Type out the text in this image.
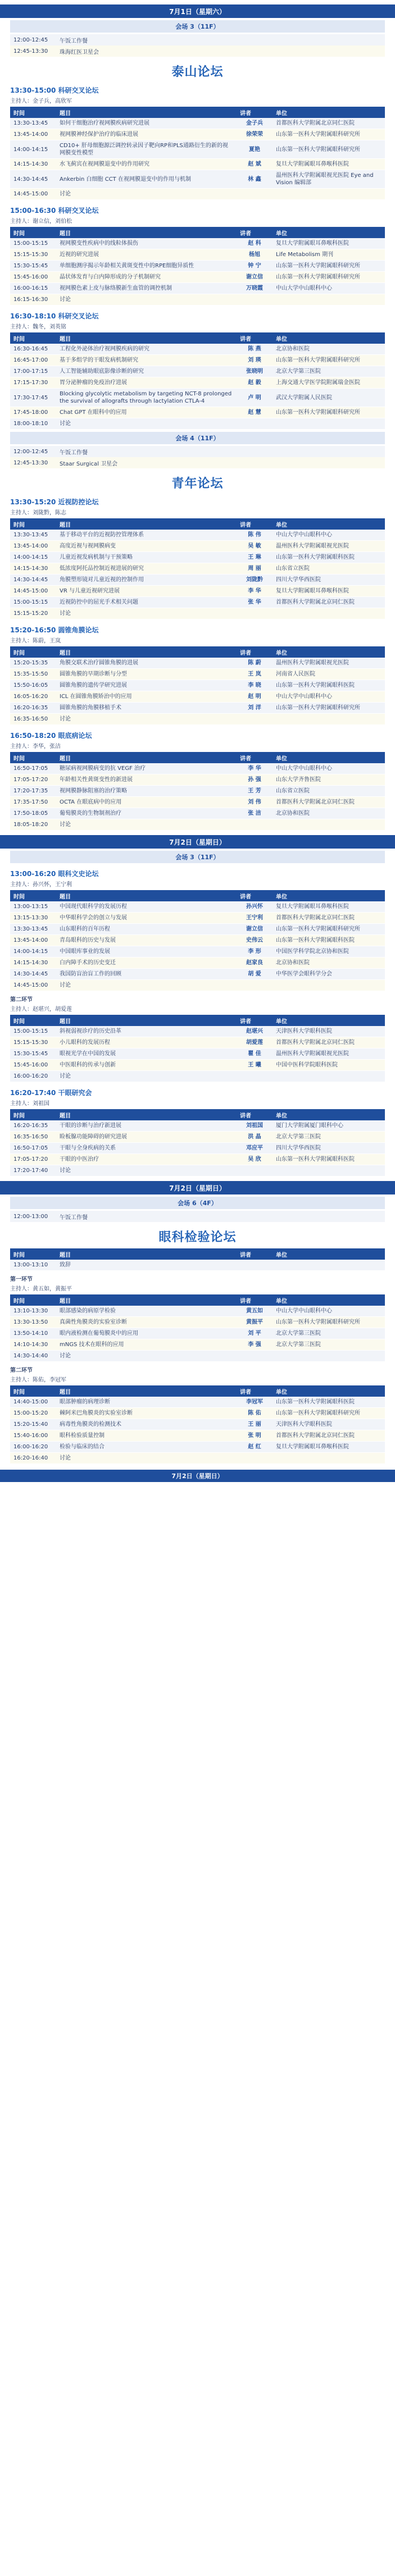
7月1日（星期六）
会场 3（11F）
12:00-12:45	午饭工作餐
12:45-13:30	珠海红医卫星会
泰山论坛
13:30-15:00 科研交叉论坛
主持人：金子兵，高欣军
时间	题目	讲者	单位
13:30-13:45	如何干细胞治疗视网膜疾病研究进展	金子兵	首都医科大学附属北京同仁医院
13:45-14:00	视网膜神经保护治疗的临床进展	徐荣荣	山东第一医科大学附属眼科研究所
14:00-14:15	CD10+ 肝母细胞源泛调控转录因子靶向RP和PLS通路衍生的新的视网膜变性模型	夏艳	山东第一医科大学附属眼科研究所
14:15-14:30	水飞蓟宾在视网膜退变中的作用研究	赵 斌	复旦大学附属眼耳鼻喉科医院
14:30-14:45	Ankerbin 白细胞 CCT 在视网膜退变中的作用与机制	林 鑫	温州医科大学附属眼视光医院 Eye and Vision 编辑部
14:45-15:00	讨论		
15:00-16:30 科研交叉论坛
主持人：谢立信，刘伯松
时间	题目	讲者	单位
15:00-15:15	视网膜变性疾病中的线粒体损伤	赵 科	复旦大学附属眼耳鼻喉科医院
15:15-15:30	近视的研究进展	杨旭	Life Metabolism 期刊
15:30-15:45	单细胞测序揭示年龄相关黄斑变性中的RPE细胞异质性	钟 宁	山东第一医科大学附属眼科研究所
15:45-16:00	晶状体发育与白内障形成的分子机制研究	谢立信	山东第一医科大学附属眼科研究所
16:00-16:15	视网膜色素上皮与脉络膜新生血管的调控机制	万晓霞	中山大学中山眼科中心
16:15-16:30	讨论		
16:30-18:10 科研交叉论坛
主持人：魏冬，刘英铭
时间	题目	讲者	单位
16:30-16:45	工程化外泌体治疗视网膜疾病的研究	陈 燕	北京协和医院
16:45-17:00	基于多组学的干眼发病机制研究	刘 瑛	山东第一医科大学附属眼科研究所
17:00-17:15	人工智能辅助眼底影像诊断的研究	张晓明	北京大学第三医院
17:15-17:30	胃分泌肿瘤的免疫治疗进展	赵 毅	上海交通大学医学院附属瑞金医院
17:30-17:45	Blocking glycolytic metabolism by targeting NCT-8 prolonged the survival of allografts through lactylation CTLA-4	卢 明	武汉大学附属人民医院
17:45-18:00	Chat GPT 在眼科中的应用	赵 慧	山东第一医科大学附属眼科研究所
18:00-18:10	讨论		
会场 4（11F）
12:00-12:45	午饭工作餐
12:45-13:30	Staar Surgical 卫星会
青年论坛
13:30-15:20 近视防控论坛
主持人：刘陇黔，陈志
时间	题目	讲者	单位
13:30-13:45	基于移动平台的近视防控管理体系	陈 伟	中山大学中山眼科中心
13:45-14:00	高度近视与视网膜病变	吴 敏	温州医科大学附属眼视光医院
14:00-14:15	儿童近视发病机制与干预策略	王 琳	山东第一医科大学附属眼科医院
14:15-14:30	低浓度阿托品控制近视进展的研究	周 丽	山东省立医院
14:30-14:45	角膜塑形镜对儿童近视的控制作用	刘陇黔	四川大学华西医院
14:45-15:00	VR 与儿童近视研究进展	李 华	复旦大学附属眼耳鼻喉科医院
15:00-15:15	近视防控中的屈光手术相关问题	张 华	首都医科大学附属北京同仁医院
15:15-15:20	讨论		
15:20-16:50 圆锥角膜论坛
主持人：陈蔚，王岚
时间	题目	讲者	单位
15:20-15:35	角膜交联术治疗圆锥角膜的进展	陈 蔚	温州医科大学附属眼视光医院
15:35-15:50	圆锥角膜的早期诊断与分型	王 岚	河南省人民医院
15:50-16:05	圆锥角膜的遗传学研究进展	李 晓	山东第一医科大学附属眼科医院
16:05-16:20	ICL 在圆锥角膜矫治中的应用	赵 明	中山大学中山眼科中心
16:20-16:35	圆锥角膜的角膜移植手术	刘 洋	山东第一医科大学附属眼科研究所
16:35-16:50	讨论		
16:50-18:20 眼底病论坛
主持人：李华，张洁
时间	题目	讲者	单位
16:50-17:05	糖尿病视网膜病变的抗 VEGF 治疗	李 华	中山大学中山眼科中心
17:05-17:20	年龄相关性黄斑变性的新进展	孙 强	山东大学齐鲁医院
17:20-17:35	视网膜静脉阻塞的治疗策略	王 芳	山东省立医院
17:35-17:50	OCTA 在眼底病中的应用	刘 伟	首都医科大学附属北京同仁医院
17:50-18:05	葡萄膜炎的生物制剂治疗	张 洁	北京协和医院
18:05-18:20	讨论		
7月2日（星期日）
会场 3（11F）
13:00-16:20 眼科文史论坛
主持人：孙兴怀，王宁利
时间	题目	讲者	单位
13:00-13:15	中国现代眼科学的发展历程	孙兴怀	复旦大学附属眼耳鼻喉科医院
13:15-13:30	中华眼科学会的创立与发展	王宁利	首都医科大学附属北京同仁医院
13:30-13:45	山东眼科的百年历程	谢立信	山东第一医科大学附属眼科研究所
13:45-14:00	青岛眼科的历史与发展	史伟云	山东第一医科大学附属眼科医院
14:00-14:15	中国眼库事业的发展	李 形	中国医学科学院北京协和医院
14:15-14:30	白内障手术的历史变迁	赵家良	北京协和医院
14:30-14:45	我国防盲治盲工作的回顾	胡 爱	中华医学会眼科学分会
14:45-15:00	讨论		
第二环节
主持人：赵堪兴，胡爱莲
时间	题目	讲者	单位
15:00-15:15	斜视弱视诊疗的历史沿革	赵堪兴	天津医科大学眼科医院
15:15-15:30	小儿眼科的发展历程	胡爱莲	首都医科大学附属北京同仁医院
15:30-15:45	眼视光学在中国的发展	瞿 佳	温州医科大学附属眼视光医院
15:45-16:00	中医眼科的传承与创新	王 曦	中国中医科学院眼科医院
16:00-16:20	讨论		
16:20-17:40 干眼研究会
主持人：刘祖国
时间	题目	讲者	单位
16:20-16:35	干眼的诊断与治疗新进展	刘祖国	厦门大学附属厦门眼科中心
16:35-16:50	睑板腺功能障碍的研究进展	洪 晶	北京大学第三医院
16:50-17:05	干眼与全身疾病的关系	邓应平	四川大学华西医院
17:05-17:20	干眼的中医治疗	吴 欣	山东第一医科大学附属眼科医院
17:20-17:40	讨论		
7月2日（星期日）
会场 6（4F）
12:00-13:00	午饭工作餐
眼科检验论坛
时间	题目	讲者	单位
13:00-13:10	致辞		
第一环节
主持人：黄五如，黄振平
时间	题目	讲者	单位
13:10-13:30	眼部感染的病原学检验	黄五如	中山大学中山眼科中心
13:30-13:50	真菌性角膜炎的实验室诊断	黄振平	山东第一医科大学附属眼科研究所
13:50-14:10	眼内液检测在葡萄膜炎中的应用	刘 平	北京大学第三医院
14:10-14:30	mNGS 技术在眼科的应用	李 强	北京大学第三医院
14:30-14:40	讨论		
第二环节
主持人：陈佑，李冠军
时间	题目	讲者	单位
14:40-15:00	眼部肿瘤的病理诊断	李冠军	山东第一医科大学附属眼科医院
15:00-15:20	棘阿米巴角膜炎的实验室诊断	陈 佑	山东第一医科大学附属眼科研究所
15:20-15:40	病毒性角膜炎的检测技术	王 丽	天津医科大学眼科医院
15:40-16:00	眼科检验质量控制	张 明	首都医科大学附属北京同仁医院
16:00-16:20	检验与临床的结合	赵 红	复旦大学附属眼耳鼻喉科医院
16:20-16:40	讨论		
7月2日（星期日）
